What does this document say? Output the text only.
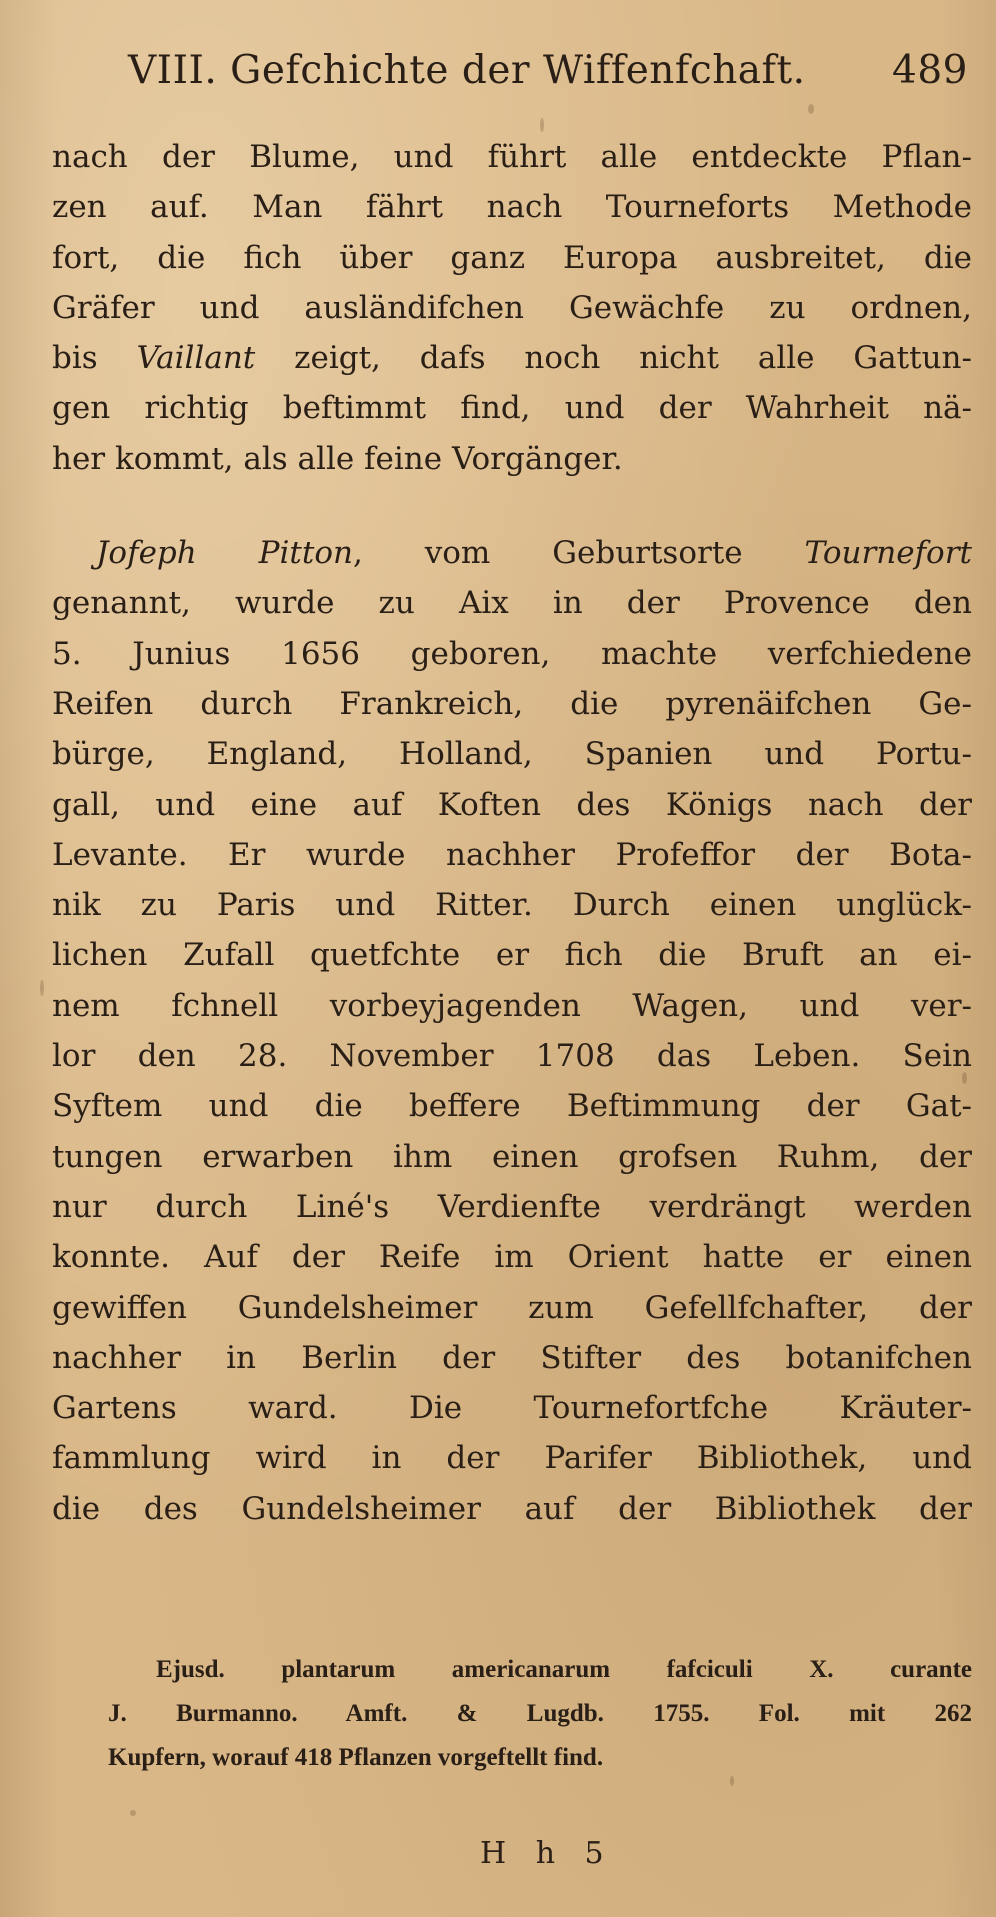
VIII. Gefchichte der Wiffenfchaft. 489
nach der Blume, und führt alle entdeckte Pflan-
zen auf. Man fährt nach Tourneforts Methode
fort, die fich über ganz Europa ausbreitet, die
Gräfer und ausländifchen Gewächfe zu ordnen,
bis Vaillant zeigt, dafs noch nicht alle Gattun-
gen richtig beftimmt find, und der Wahrheit nä-
her kommt, als alle feine Vorgänger.
Jofeph Pitton, vom Geburtsorte Tournefort
genannt, wurde zu Aix in der Provence den
5. Junius 1656 geboren, machte verfchiedene
Reifen durch Frankreich, die pyrenäifchen Ge-
bürge, England, Holland, Spanien und Portu-
gall, und eine auf Koften des Königs nach der
Levante. Er wurde nachher Profeffor der Bota-
nik zu Paris und Ritter. Durch einen unglück-
lichen Zufall quetfchte er fich die Bruft an ei-
nem fchnell vorbeyjagenden Wagen, und ver-
lor den 28. November 1708 das Leben. Sein
Syftem und die beffere Beftimmung der Gat-
tungen erwarben ihm einen grofsen Ruhm, der
nur durch Liné's Verdienfte verdrängt werden
konnte. Auf der Reife im Orient hatte er einen
gewiffen Gundelsheimer zum Gefellfchafter, der
nachher in Berlin der Stifter des botanifchen
Gartens ward. Die Tournefortfche Kräuter-
fammlung wird in der Parifer Bibliothek, und
die des Gundelsheimer auf der Bibliothek der
Ejusd. plantarum americanarum fafciculi X. curante
J. Burmanno. Amft. & Lugdb. 1755. Fol. mit 262
Kupfern, worauf 418 Pflanzen vorgeftellt find.
H h 5
